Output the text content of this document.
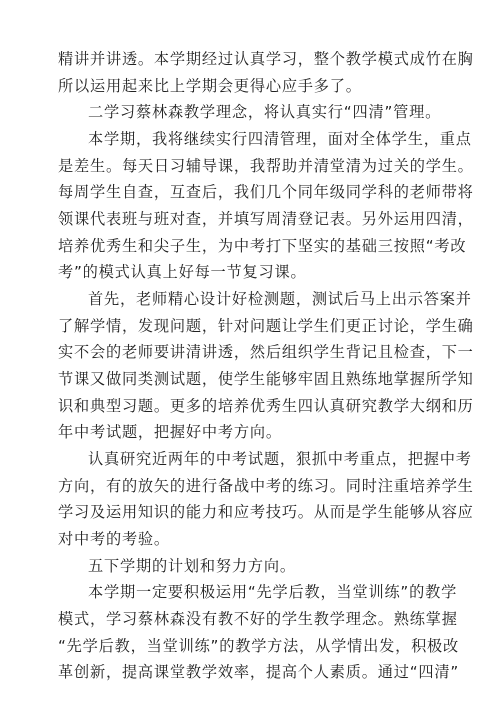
精讲并讲透。本学期经过认真学习，整个教学模式成竹在胸
所以运用起来比上学期会更得心应手多了。
二学习蔡林森教学理念，将认真实行“四清”管理。
本学期，我将继续实行四清管理，面对全体学生，重点
是差生。每天日习辅导课，我帮助并清堂清为过关的学生。
每周学生自查，互查后，我们几个同年级同学科的老师带将
领课代表班与班对查，并填写周清登记表。另外运用四清，
培养优秀生和尖子生，为中考打下坚实的基础三按照“考改
考”的模式认真上好每一节复习课。
首先，老师精心设计好检测题，测试后马上出示答案并
了解学情，发现问题，针对问题让学生们更正讨论，学生确
实不会的老师要讲清讲透，然后组织学生背记且检查，下一
节课又做同类测试题，使学生能够牢固且熟练地掌握所学知
识和典型习题。更多的培养优秀生四认真研究教学大纲和历
年中考试题，把握好中考方向。
认真研究近两年的中考试题，狠抓中考重点，把握中考
方向，有的放矢的进行备战中考的练习。同时注重培养学生
学习及运用知识的能力和应考技巧。从而是学生能够从容应
对中考的考验。
五下学期的计划和努力方向。
本学期一定要积极运用“先学后教，当堂训练”的教学
模式，学习蔡林森没有教不好的学生教学理念。熟练掌握
“先学后教，当堂训练”的教学方法，从学情出发，积极改
革创新，提高课堂教学效率，提高个人素质。通过“四清”
